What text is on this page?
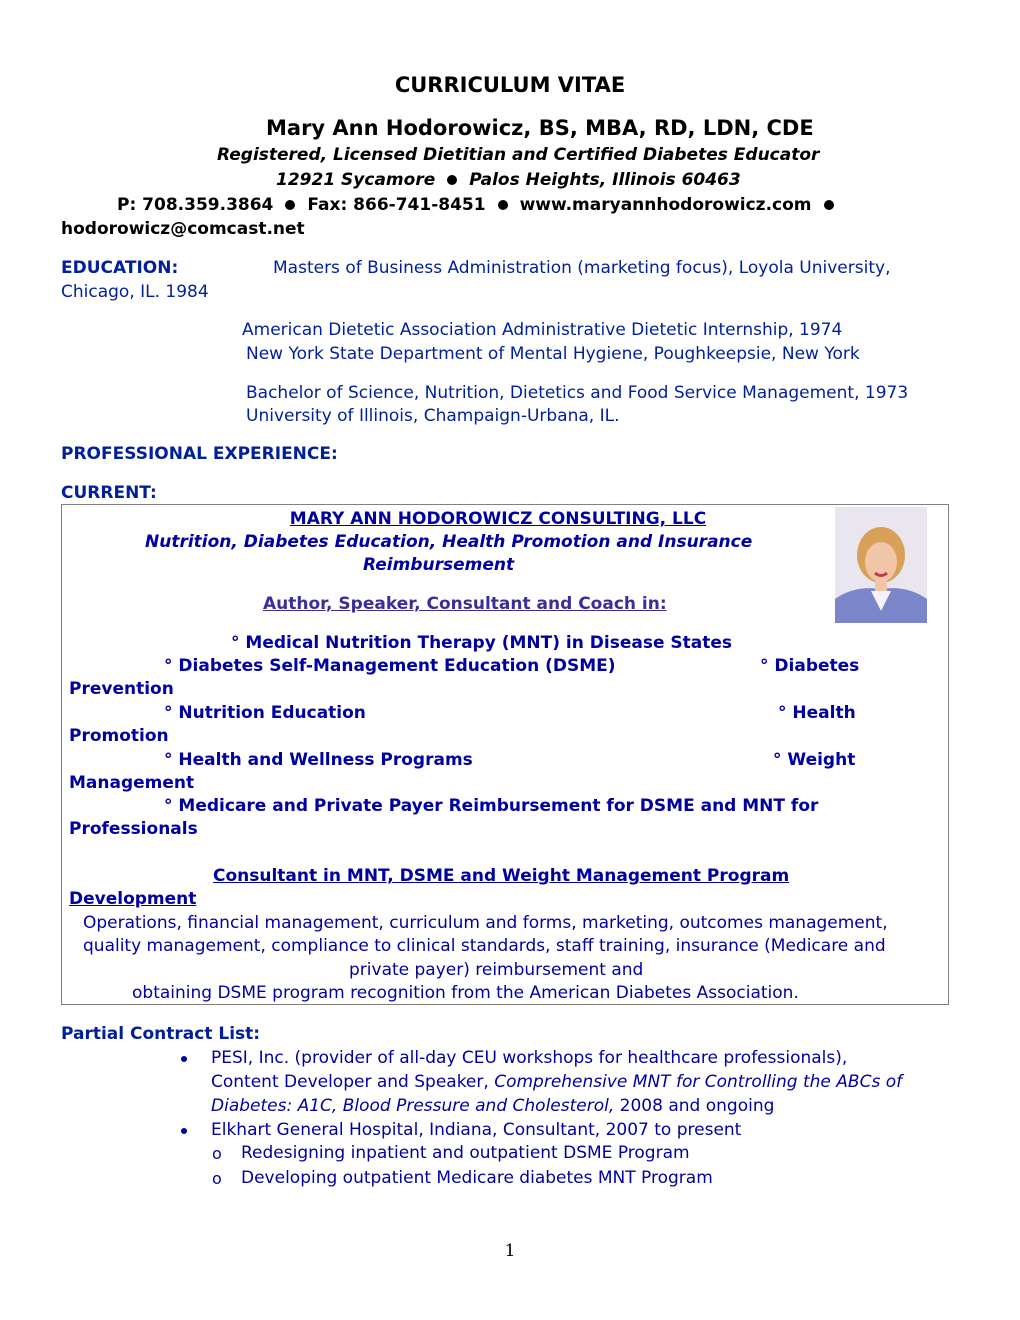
CURRICULUM VITAE
Mary Ann Hodorowicz, BS, MBA, RD, LDN, CDE
Registered, Licensed Dietitian and Certified Diabetes Educator
12921 Sycamore Palos Heights, Illinois 60463
P: 708.359.3864 Fax: 866-741-8451 www.maryannhodorowicz.com
hodorowicz@comcast.net
EDUCATION:	Masters of Business Administration (marketing focus), Loyola University,
Chicago, IL. 1984
American Dietetic Association Administrative Dietetic Internship, 1974
New York State Department of Mental Hygiene, Poughkeepsie, New York
Bachelor of Science, Nutrition, Dietetics and Food Service Management, 1973
University of Illinois, Champaign-Urbana, IL.
PROFESSIONAL EXPERIENCE:
CURRENT:
MARY ANN HODOROWICZ CONSULTING, LLC
Nutrition, Diabetes Education, Health Promotion and Insurance
Reimbursement
Author, Speaker, Consultant and Coach in:
° Medical Nutrition Therapy (MNT) in Disease States
° Diabetes Self-Management Education (DSME)	° Diabetes
Prevention
° Nutrition Education	° Health
Promotion
° Health and Wellness Programs	° Weight
Management
° Medicare and Private Payer Reimbursement for DSME and MNT for
Professionals
Consultant in MNT, DSME and Weight Management Program
Development
Operations, financial management, curriculum and forms, marketing, outcomes management,
quality management, compliance to clinical standards, staff training, insurance (Medicare and
private payer) reimbursement and
obtaining DSME program recognition from the American Diabetes Association.
Partial Contract List:
PESI, Inc. (provider of all-day CEU workshops for healthcare professionals),
Content Developer and Speaker, Comprehensive MNT for Controlling the ABCs of
Diabetes: A1C, Blood Pressure and Cholesterol, 2008 and ongoing
Elkhart General Hospital, Indiana, Consultant, 2007 to present
o Redesigning inpatient and outpatient DSME Program
o Developing outpatient Medicare diabetes MNT Program
1
